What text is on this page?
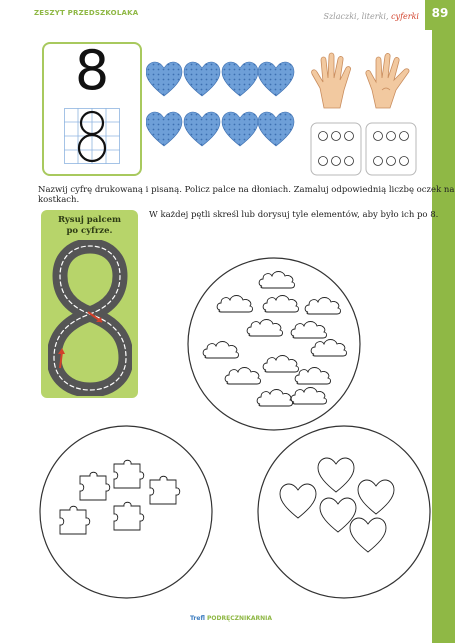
ZESZYT PRZEDSZKOLAKA	Szlaczki, literki, cyferki	89
8
Nazwij cyfrę drukowaną i pisaną. Policz palce na dłoniach. Zamaluj odpowiednią liczbę oczek na kostkach.
W każdej pętli skreśl lub dorysuj tyle elementów, aby było ich po 8.
Rysuj palcem
po cyfrze.
Trefl PODRĘCZNIKARNIA
